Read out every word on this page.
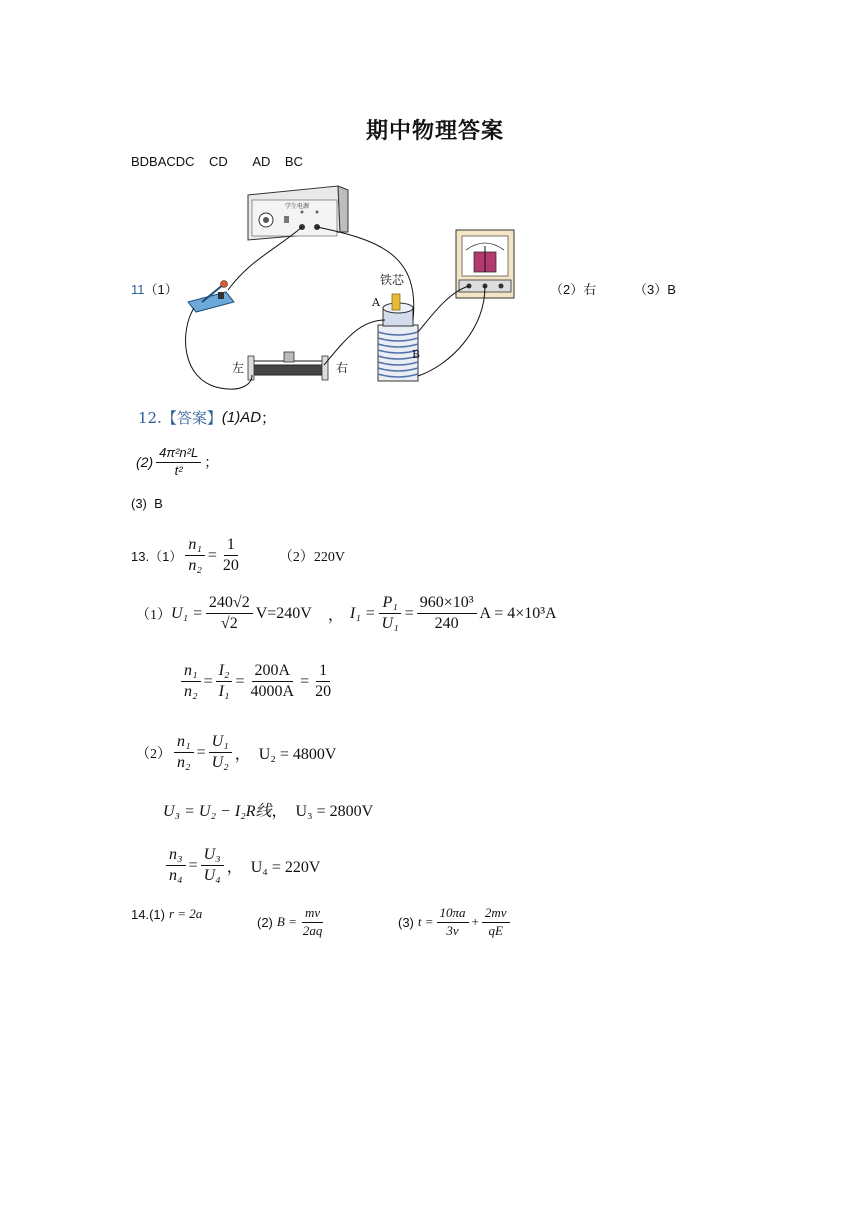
期中物理答案
BDBACDC    CD       AD    BC
11（1）	（2）右	（3）B
学生电源
左	右
铁芯
A
B
12. 【答案】 (1)AD ；
$(2) \frac{\text{4π²n²L}}{\text{t²}}$ ；
(3)  B
$13.(1) \frac{\text{n₁}}{\text{n₂}} = \frac{1}{20}$	（2）220V
（1） $U_1 = \frac{240√2}{√2} V=240V$ ， $I_1 = \frac{\text{P₁}}{\text{U₁}} = \frac{\text{960×10³}}{240}$ A = 4×10³A
$\frac{\text{n₁}}{\text{n₂}} = \frac{\text{I₂}}{\text{I₁}} = \frac{200A}{4000A} = \frac{1}{20}$
$(2) \frac{\text{n₁}}{\text{n₂}} = \frac{\text{U₁}}{\text{U₂}}$ ，  U₂ = 4800V
U₃ = U₂ − I₂R线 ，  U₃ = 2800V
$\frac{\text{n₃}}{\text{n₄}} = \frac{\text{U₃}}{\text{U₄}}$ ，  U₄ = 220V
14.(1) r = 2a
(2) $B = \frac{mv}{2aq}$	(3) $t = \frac{10\pi a}{3v} + \frac{2mv}{qE}$
